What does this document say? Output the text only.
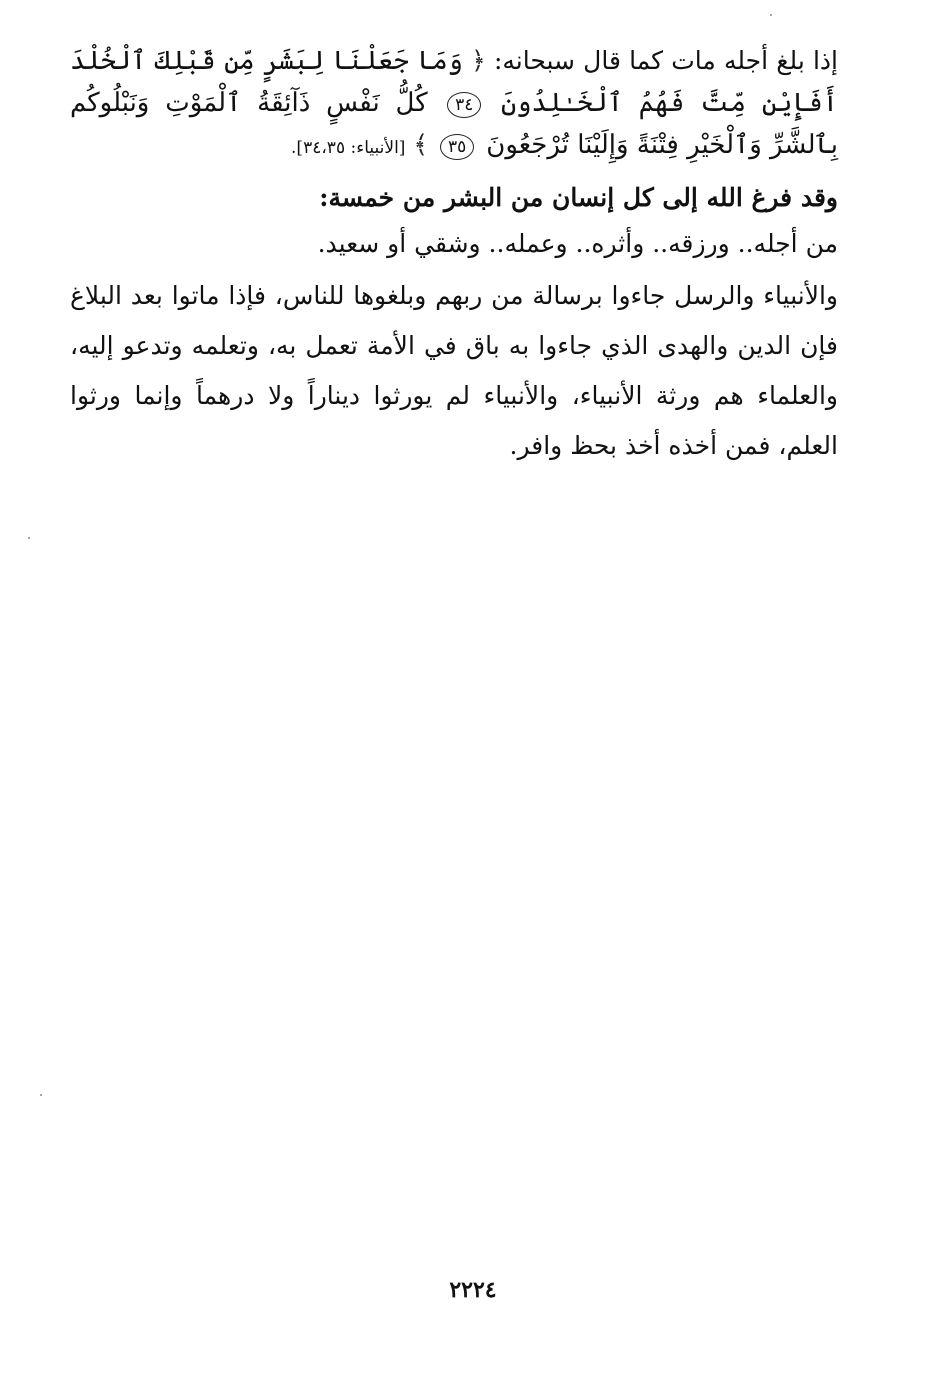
إذا بلغ أجله مات كما قال سبحانه: ﴿ وَمَا جَعَلْنَا لِبَشَرٍ مِّن قَبْلِكَ ٱلْخُلْدَ أَفَإِيْن مِّتَّ فَهُمُ ٱلْخَـٰلِدُونَ ٣٤ كُلُّ نَفْسٍ ذَآئِقَةُ ٱلْمَوْتِ وَنَبْلُوكُم بِٱلشَّرِّ وَٱلْخَيْرِ فِتْنَةً وَإِلَيْنَا تُرْجَعُونَ ٣٥ ﴾ [الأنبياء: ٣٤،٣٥].

وقد فرغ الله إلى كل إنسان من البشر من خمسة:

من أجله.. ورزقه.. وأثره.. وعمله.. وشقي أو سعيد.

والأنبياء والرسل جاءوا برسالة من ربهم وبلغوها للناس، فإذا ماتوا بعد البلاغ فإن الدين والهدى الذي جاءوا به باق في الأمة تعمل به، وتعلمه وتدعو إليه، والعلماء هم ورثة الأنبياء، والأنبياء لم يورثوا ديناراً ولا درهماً وإنما ورثوا العلم، فمن أخذه أخذ بحظ وافر.

٢٢٢٤
